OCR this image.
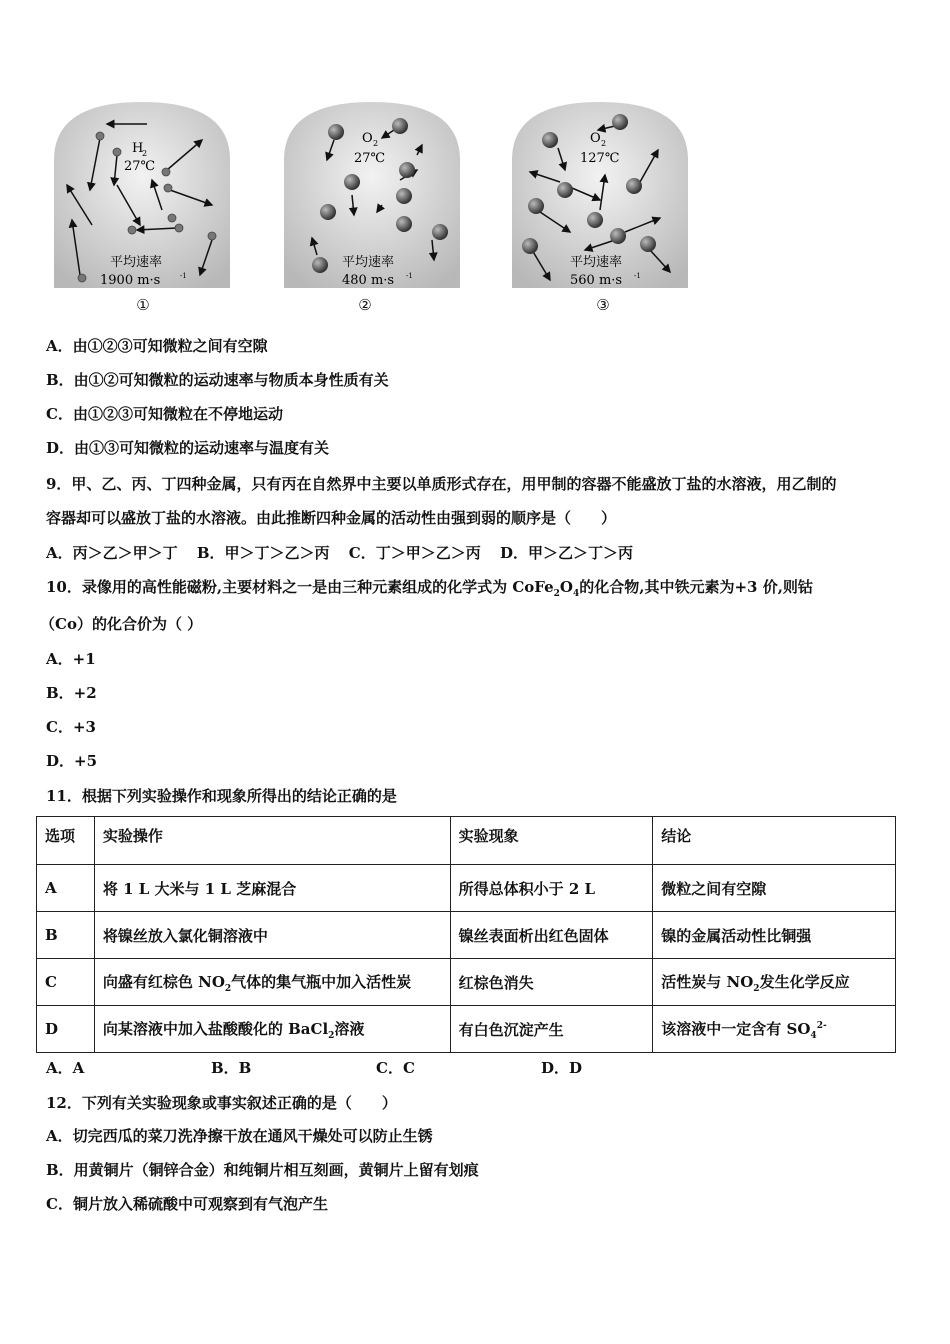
H
2
27℃
平均速率
1900 m·s	-1
①
O 2
27℃
平均速率
480 m·s -1
②
O 2
127℃
平均速率
560 m·s -1
③
A．由①②③可知微粒之间有空隙
B．由①②可知微粒的运动速率与物质本身性质有关
C．由①②③可知微粒在不停地运动
D．由①③可知微粒的运动速率与温度有关
9．甲、乙、丙、丁四种金属，只有丙在自然界中主要以单质形式存在，用甲制的容器不能盛放丁盐的水溶液，用乙制的
容器却可以盛放丁盐的水溶液。由此推断四种金属的活动性由强到弱的顺序是（　　）
A．丙＞乙＞甲＞丁 B．甲＞丁＞乙＞丙 C．丁＞甲＞乙＞丙 D．甲＞乙＞丁＞丙
10．录像用的高性能磁粉,主要材料之一是由三种元素组成的化学式为 $CoFe_2O_4$的化合物,其中铁元素为+3 价,则钴
（Co）的化合价为（ ）
A．+1
B．+2
C．+3
D．+5
11．根据下列实验操作和现象所得出的结论正确的是
选项	实验操作	实验现象	结论
A	将 1 L 大米与 1 L 芝麻混合	所得总体积小于 2 L	微粒之间有空隙
B	将镍丝放入氯化铜溶液中	镍丝表面析出红色固体	镍的金属活动性比铜强
C	向盛有红棕色 $NO_2$气体的集气瓶中加入活性炭	红棕色消失	活性炭与 $NO_2$发生化学反应
D	向某溶液中加入盐酸酸化的 BaCl$_2$溶液	有白色沉淀产生	该溶液中一定含有 $SO_4^{2-}$
A．A	B．B	C．C	D．D
12．下列有关实验现象或事实叙述正确的是（　　）
A．切完西瓜的菜刀洗净擦干放在通风干燥处可以防止生锈
B．用黄铜片（铜锌合金）和纯铜片相互刻画，黄铜片上留有划痕
C．铜片放入稀硫酸中可观察到有气泡产生
